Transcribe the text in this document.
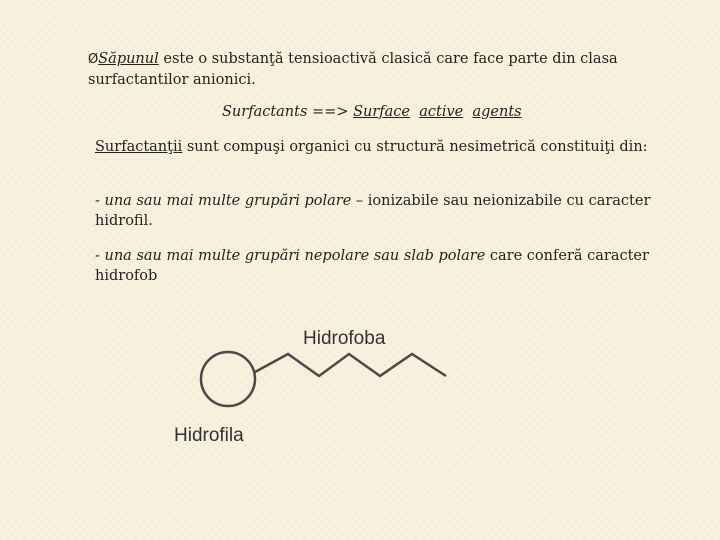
ØSăpunul este o substanţă tensioactivă clasică care face parte din clasa surfactantilor anionici.
Surfactants ==> Surface active agents
Surfactanţii sunt compuşi organici cu structură nesimetrică constituiţi din:
- una sau mai multe grupări polare – ionizabile sau neionizabile cu caracter hidrofil.
- una sau mai multe grupări nepolare sau slab polare care conferă caracter hidrofob
Hidrofoba
Hidrofila
